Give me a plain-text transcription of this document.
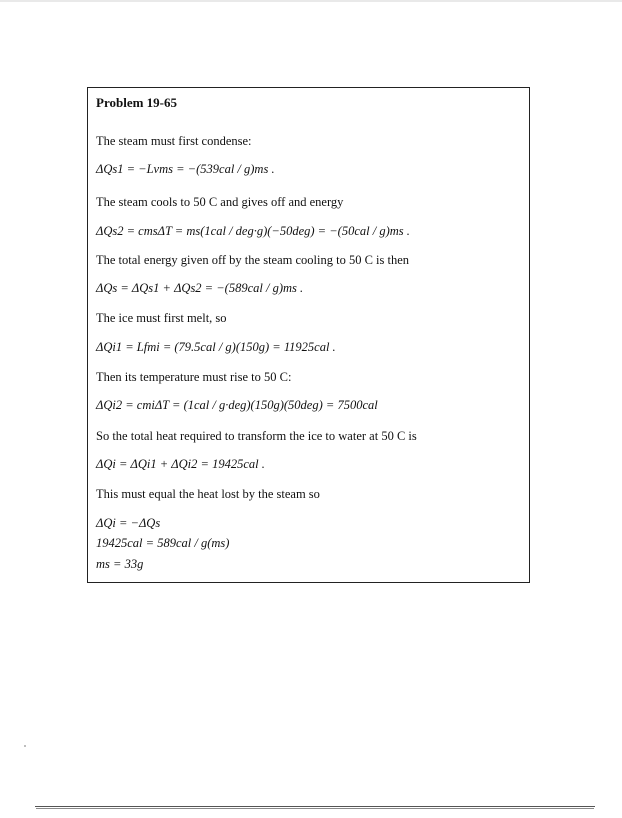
Problem 19-65

The steam must first condense:
ΔQs1 = −Lvms = −(539cal / g)ms .
The steam cools to 50 C and gives off and energy
ΔQs2 = cmsΔT = ms(1cal / deg·g)(−50deg) = −(50cal / g)ms .
The total energy given off by the steam cooling to 50 C is then
ΔQs = ΔQs1 + ΔQs2 = −(589cal / g)ms .
The ice must first melt, so
ΔQi1 = Lfmi = (79.5cal / g)(150g) = 11925cal .
Then its temperature must rise to 50 C:
ΔQi2 = cmiΔT = (1cal / g·deg)(150g)(50deg) = 7500cal
So the total heat required to transform the ice to water at 50 C is
ΔQi = ΔQi1 + ΔQi2 = 19425cal .
This must equal the heat lost by the steam so
ΔQi = −ΔQs
19425cal = 589cal / g(ms)
ms = 33g
